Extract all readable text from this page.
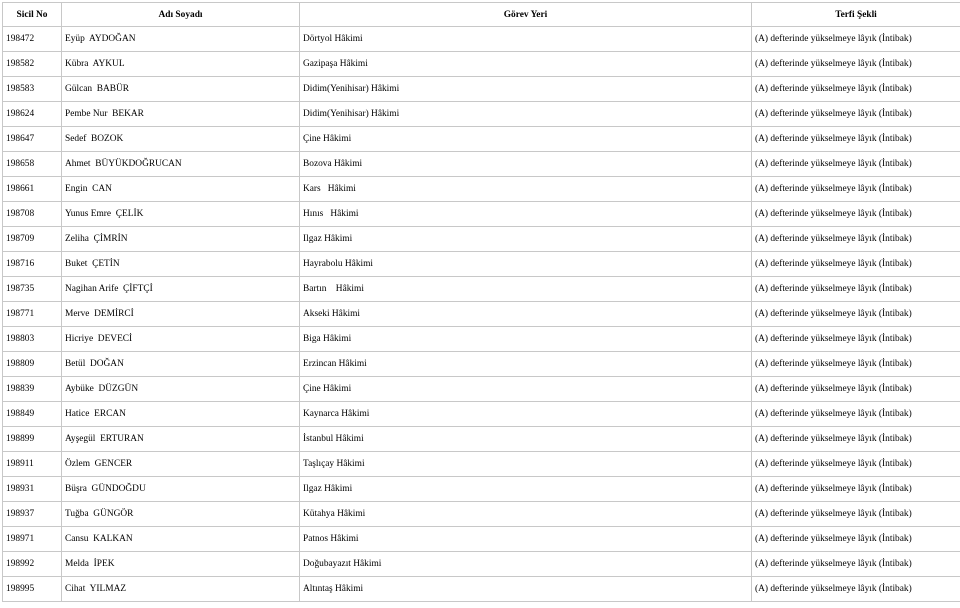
Sicil No	Adı Soyadı	Görev Yeri	Terfi Şekli
198472	Eyüp  AYDOĞAN	Dörtyol Hâkimi	(A) defterinde yükselmeye lâyık (İntibak)
198582	Kübra  AYKUL	Gazipaşa Hâkimi	(A) defterinde yükselmeye lâyık (İntibak)
198583	Gülcan  BABÜR	Didim(Yenihisar) Hâkimi	(A) defterinde yükselmeye lâyık (İntibak)
198624	Pembe Nur  BEKAR	Didim(Yenihisar) Hâkimi	(A) defterinde yükselmeye lâyık (İntibak)
198647	Sedef  BOZOK	Çine Hâkimi	(A) defterinde yükselmeye lâyık (İntibak)
198658	Ahmet  BÜYÜKDOĞRUCAN	Bozova Hâkimi	(A) defterinde yükselmeye lâyık (İntibak)
198661	Engin  CAN	Kars   Hâkimi	(A) defterinde yükselmeye lâyık (İntibak)
198708	Yunus Emre  ÇELİK	Hınıs   Hâkimi	(A) defterinde yükselmeye lâyık (İntibak)
198709	Zeliha  ÇİMRİN	Ilgaz Hâkimi	(A) defterinde yükselmeye lâyık (İntibak)
198716	Buket  ÇETİN	Hayrabolu Hâkimi	(A) defterinde yükselmeye lâyık (İntibak)
198735	Nagihan Arife  ÇİFTÇİ	Bartın    Hâkimi	(A) defterinde yükselmeye lâyık (İntibak)
198771	Merve  DEMİRCİ	Akseki Hâkimi	(A) defterinde yükselmeye lâyık (İntibak)
198803	Hicriye  DEVECİ	Biga Hâkimi	(A) defterinde yükselmeye lâyık (İntibak)
198809	Betül  DOĞAN	Erzincan Hâkimi	(A) defterinde yükselmeye lâyık (İntibak)
198839	Aybüke  DÜZGÜN	Çine Hâkimi	(A) defterinde yükselmeye lâyık (İntibak)
198849	Hatice  ERCAN	Kaynarca Hâkimi	(A) defterinde yükselmeye lâyık (İntibak)
198899	Ayşegül  ERTURAN	İstanbul Hâkimi	(A) defterinde yükselmeye lâyık (İntibak)
198911	Özlem  GENCER	Taşlıçay Hâkimi	(A) defterinde yükselmeye lâyık (İntibak)
198931	Büşra  GÜNDOĞDU	Ilgaz Hâkimi	(A) defterinde yükselmeye lâyık (İntibak)
198937	Tuğba  GÜNGÖR	Kütahya Hâkimi	(A) defterinde yükselmeye lâyık (İntibak)
198971	Cansu  KALKAN	Patnos Hâkimi	(A) defterinde yükselmeye lâyık (İntibak)
198992	Melda  İPEK	Doğubayazıt Hâkimi	(A) defterinde yükselmeye lâyık (İntibak)
198995	Cihat  YILMAZ	Altıntaş Hâkimi	(A) defterinde yükselmeye lâyık (İntibak)
